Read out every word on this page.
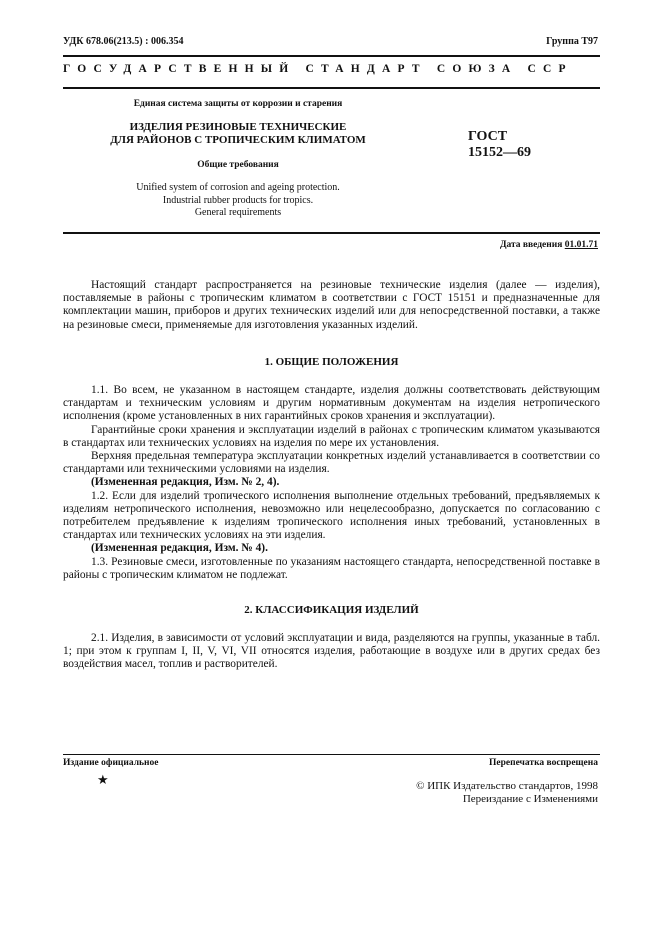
УДК 678.06(213.5) : 006.354	Группа Т97
ГОСУДАРСТВЕННЫЙ СТАНДАРТ СОЮЗА ССР
Единая система защиты от коррозии и старения
ИЗДЕЛИЯ РЕЗИНОВЫЕ ТЕХНИЧЕСКИЕ
ДЛЯ РАЙОНОВ С ТРОПИЧЕСКИМ КЛИМАТОМ
Общие требования
Unified system of corrosion and ageing protection.
Industrial rubber products for tropics.
General requirements
ГОСТ
15152—69
Дата введения 01.01.71

Настоящий стандарт распространяется на резиновые технические изделия (далее — изделия), поставляемые в районы с тропическим климатом в соответствии с ГОСТ 15151 и предназначенные для комплектации машин, приборов и других технических изделий или для непосредственной поставки, а также на резиновые смеси, применяемые для изготовления указанных изделий.

1. ОБЩИЕ ПОЛОЖЕНИЯ

1.1. Во всем, не указанном в настоящем стандарте, изделия должны соответствовать действующим стандартам и техническим условиям и другим нормативным документам на изделия нетропического исполнения (кроме установленных в них гарантийных сроков хранения и эксплуатации).

Гарантийные сроки хранения и эксплуатации изделий в районах с тропическим климатом указываются в стандартах или технических условиях на изделия по мере их установления.

Верхняя предельная температура эксплуатации конкретных изделий устанавливается в соответствии со стандартами или техническими условиями на изделия.

(Измененная редакция, Изм. № 2, 4).

1.2. Если для изделий тропического исполнения выполнение отдельных требований, предъявляемых к изделиям нетропического исполнения, невозможно или нецелесообразно, допускается по согласованию с потребителем предъявление к изделиям тропического исполнения иных требований, установленных в стандартах или технических условиях на эти изделия.

(Измененная редакция, Изм. № 4).

1.3. Резиновые смеси, изготовленные по указаниям настоящего стандарта, непосредственной поставке в районы с тропическим климатом не подлежат.

2. КЛАССИФИКАЦИЯ ИЗДЕЛИЙ

2.1. Изделия, в зависимости от условий эксплуатации и вида, разделяются на группы, указанные в табл. 1; при этом к группам I, II, V, VI, VII относятся изделия, работающие в воздухе или в других средах без воздействия масел, топлив и растворителей.

Издание официальное	Перепечатка воспрещена
★	© ИПК Издательство стандартов, 1998
Переиздание с Изменениями
